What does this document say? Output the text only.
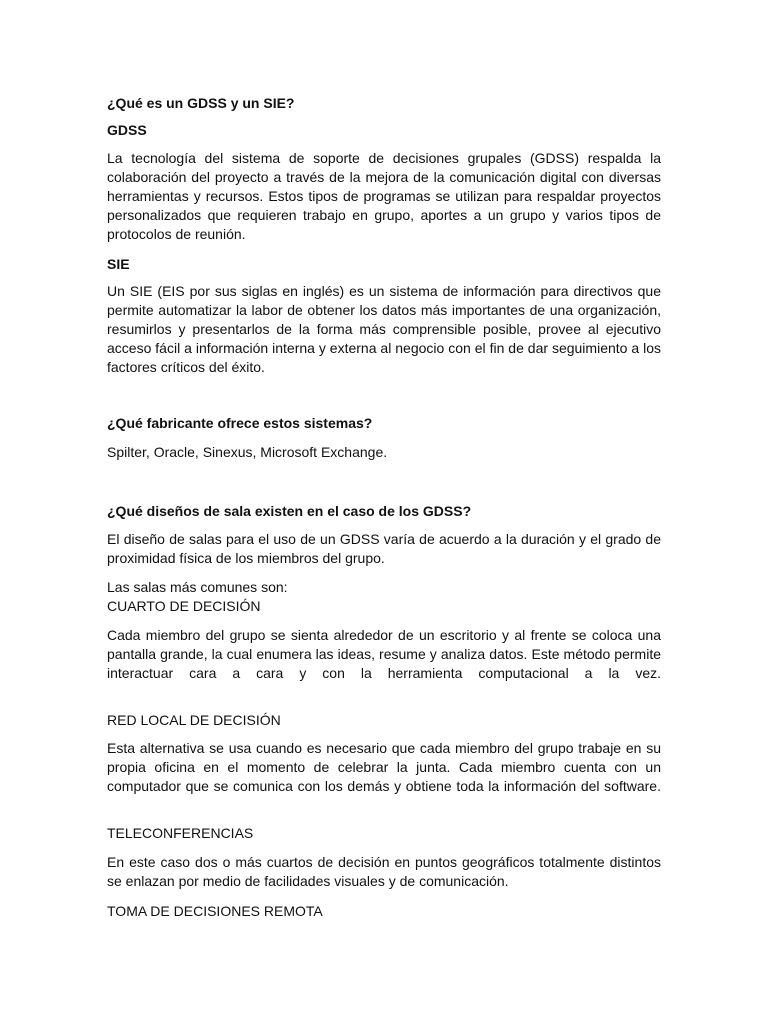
¿Qué es un GDSS y un SIE?

GDSS

La tecnología del sistema de soporte de decisiones grupales (GDSS) respalda la colaboración del proyecto a través de la mejora de la comunicación digital con diversas herramientas y recursos. Estos tipos de programas se utilizan para respaldar proyectos personalizados que requieren trabajo en grupo, aportes a un grupo y varios tipos de protocolos de reunión.

SIE

Un SIE (EIS por sus siglas en inglés) es un sistema de información para directivos que permite automatizar la labor de obtener los datos más importantes de una organización, resumirlos y presentarlos de la forma más comprensible posible, provee al ejecutivo acceso fácil a información interna y externa al negocio con el fin de dar seguimiento a los factores críticos del éxito.

¿Qué fabricante ofrece estos sistemas?

Spilter, Oracle, Sinexus, Microsoft Exchange.

¿Qué diseños de sala existen en el caso de los GDSS?

El diseño de salas para el uso de un GDSS varía de acuerdo a la duración y el grado de proximidad física de los miembros del grupo.

Las salas más comunes son:
CUARTO DE DECISIÓN

Cada miembro del grupo se sienta alrededor de un escritorio y al frente se coloca una pantalla grande, la cual enumera las ideas, resume y analiza datos. Este método permite interactuar cara a cara y con la herramienta computacional a la vez.

RED LOCAL DE DECISIÓN

Esta alternativa se usa cuando es necesario que cada miembro del grupo trabaje en su propia oficina en el momento de celebrar la junta. Cada miembro cuenta con un computador que se comunica con los demás y obtiene toda la información del software.

TELECONFERENCIAS

En este caso dos o más cuartos de decisión en puntos geográficos totalmente distintos se enlazan por medio de facilidades visuales y de comunicación.

TOMA DE DECISIONES REMOTA
